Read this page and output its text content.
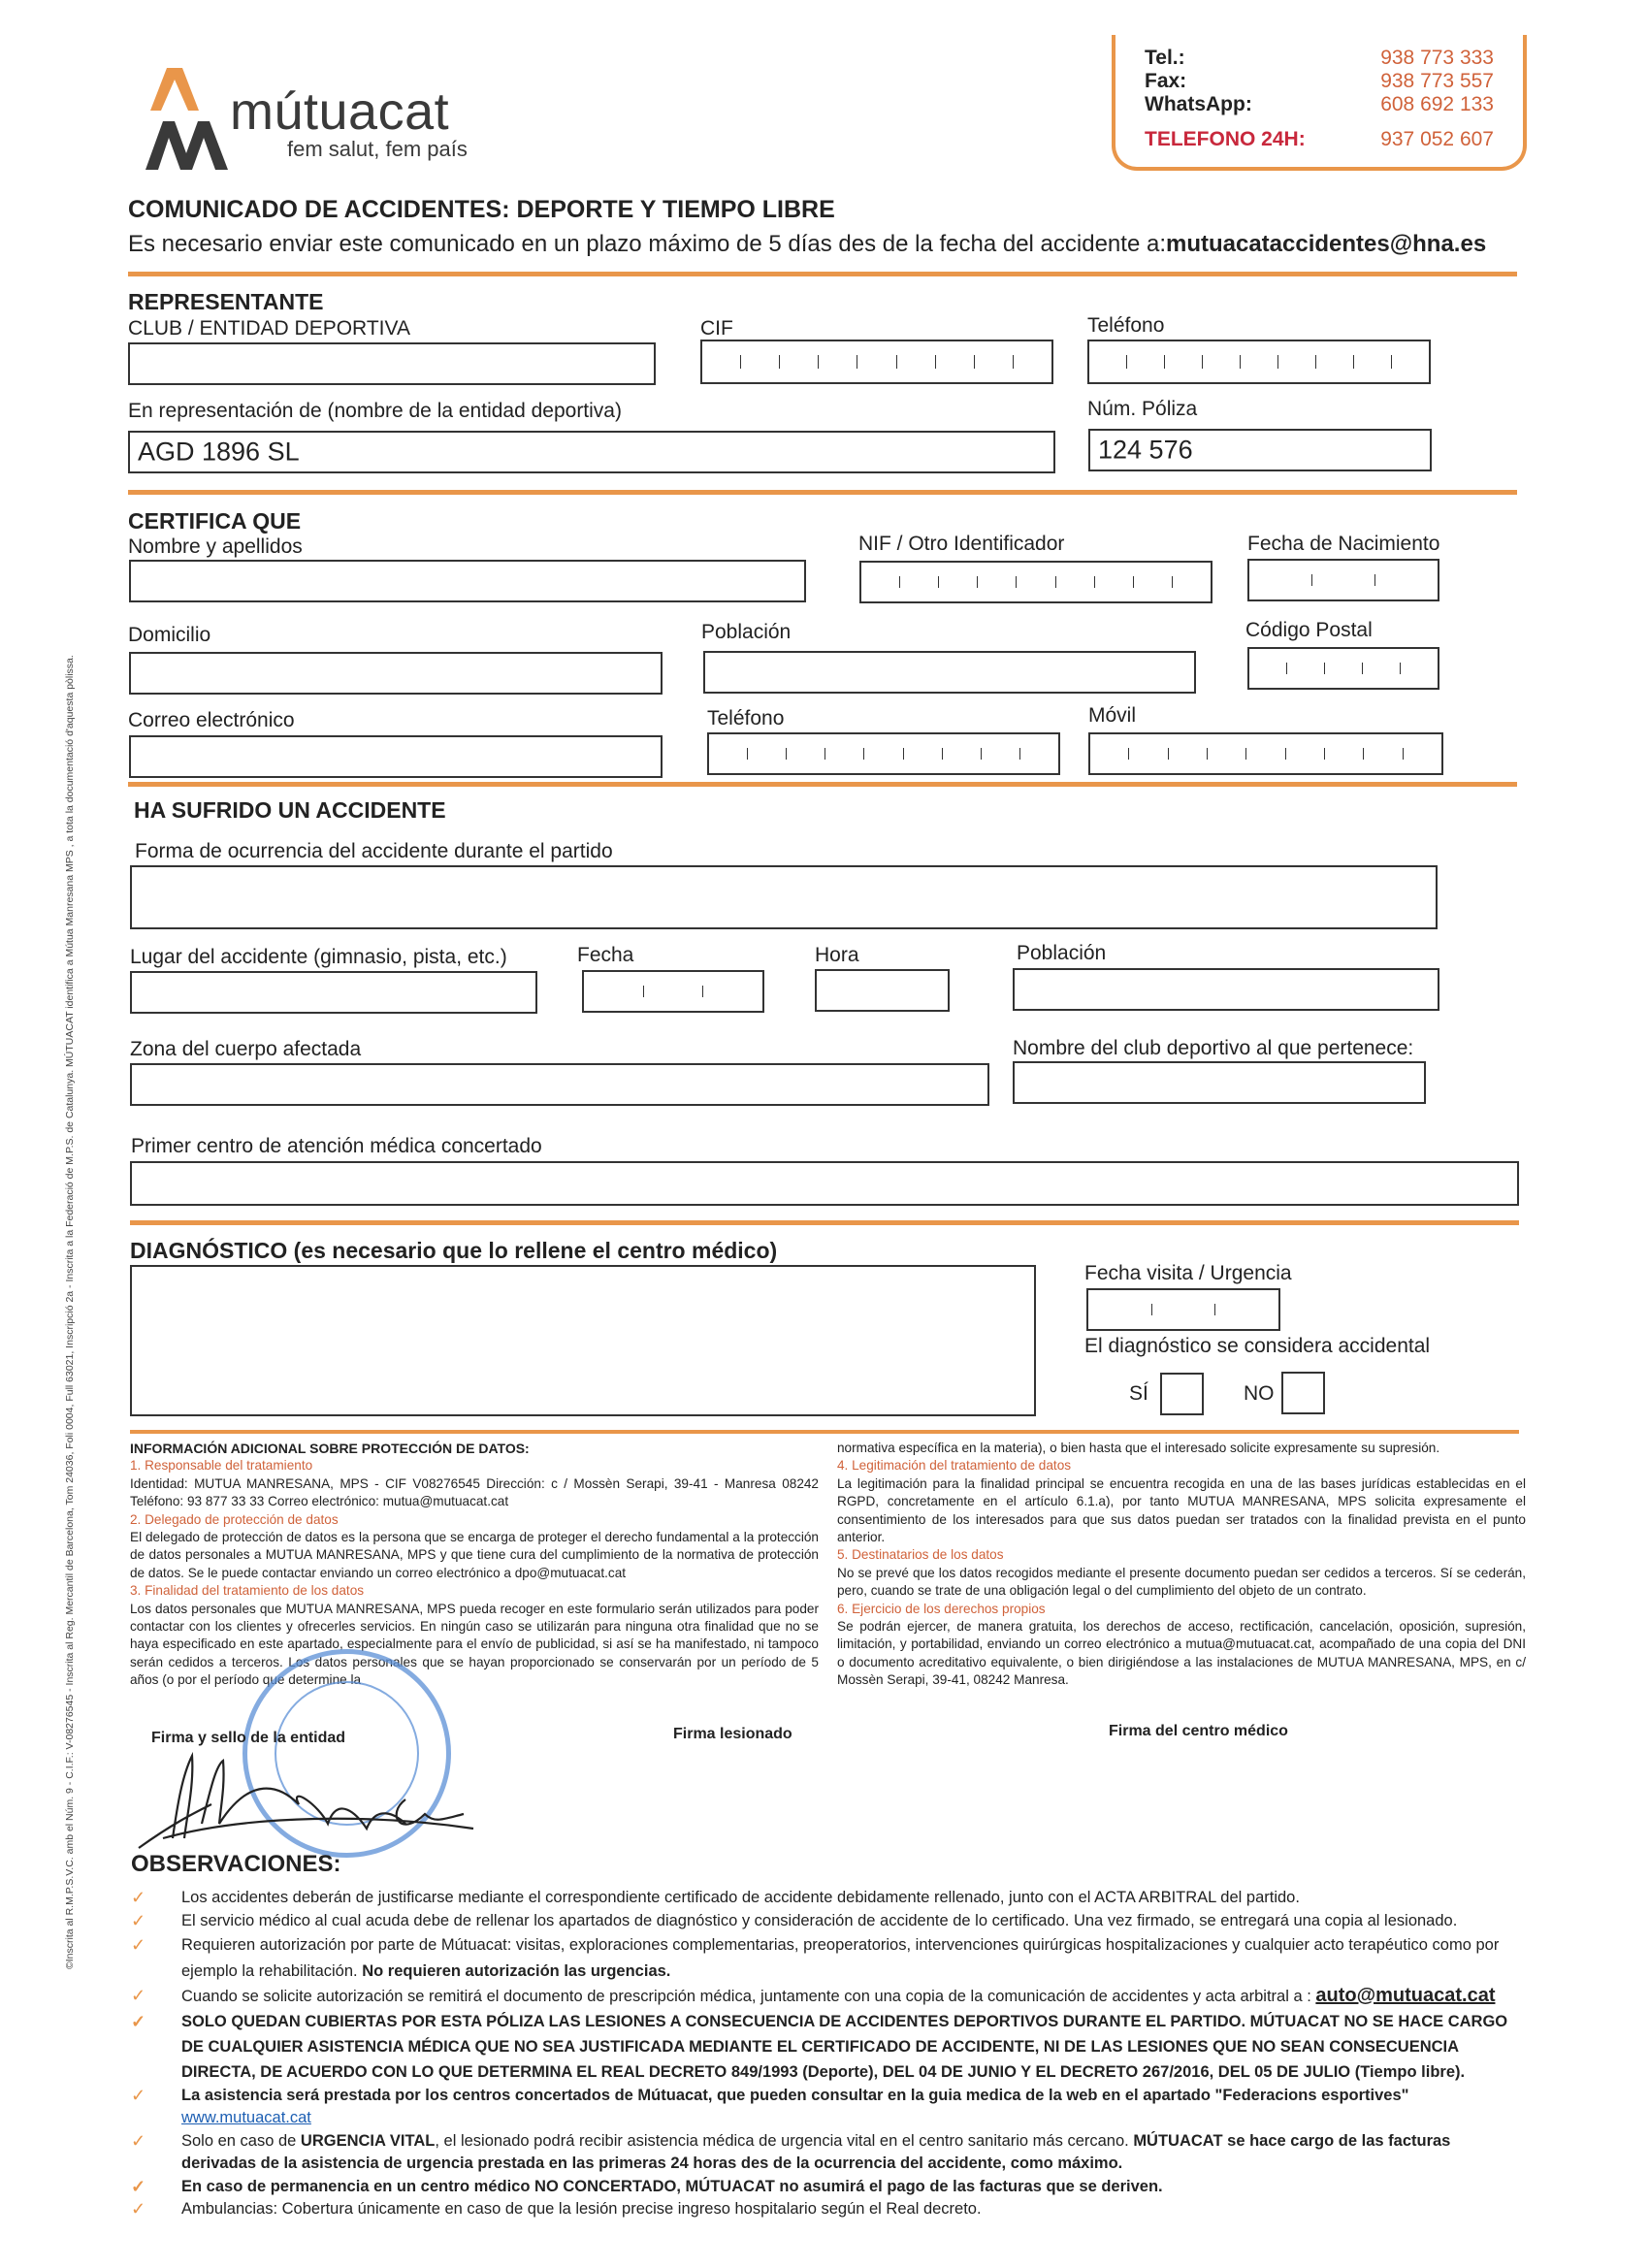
©Inscrita al R.M.P.S.V.C. amb el Núm. 9 - C.I.F.: V-08276545 - Inscrita al Reg. Mercantil de Barcelona, Tom 24036, Foli 0004, Full 63021, Inscripció 2a - Inscrita a la Federació de M.P.S. de Catalunya. MÚTUACAT identifica a Mútua Manresana MPS , a tota la documentació d'aquesta pòlissa.
mútuacat
fem salut, fem país
Tel.:	938 773 333
Fax:	938 773 557
WhatsApp:	608 692 133
TELEFONO 24H:	937 052 607
COMUNICADO DE ACCIDENTES: DEPORTE Y TIEMPO LIBRE
Es necesario enviar este comunicado en un plazo máximo de 5 días des de la fecha del accidente a:mutuacataccidentes@hna.es
REPRESENTANTE
CLUB / ENTIDAD DEPORTIVA	CIF	Teléfono
En representación de (nombre de la entidad deportiva)
AGD 1896 SL
Núm. Póliza
124 576
CERTIFICA QUE
Nombre y apellidos	NIF / Otro Identificador	Fecha de Nacimiento
Domicilio	Población	Código Postal
Correo electrónico	Teléfono	Móvil
HA SUFRIDO UN ACCIDENTE
Forma de ocurrencia del accidente durante el partido
Lugar del accidente (gimnasio, pista, etc.)	Fecha	Hora	Población
Zona del cuerpo afectada	Nombre del club deportivo al que pertenece:
Primer centro de atención médica concertado
DIAGNÓSTICO (es necesario que lo rellene el centro médico)
Fecha visita / Urgencia
El diagnóstico se considera accidental
SÍ	NO
INFORMACIÓN ADICIONAL SOBRE PROTECCIÓN DE DATOS:
1. Responsable del tratamiento
Identidad: MUTUA MANRESANA, MPS - CIF V08276545 Dirección: c / Mossèn Serapi, 39-41 - Manresa 08242 Teléfono: 93 877 33 33 Correo electrónico: mutua@mutuacat.cat
2. Delegado de protección de datos
El delegado de protección de datos es la persona que se encarga de proteger el derecho fundamental a la protección de datos personales a MUTUA MANRESANA, MPS y que tiene cura del cumplimiento de la normativa de protección de datos. Se le puede contactar enviando un correo electrónico a dpo@mutuacat.cat
3. Finalidad del tratamiento de los datos
Los datos personales que MUTUA MANRESANA, MPS pueda recoger en este formulario serán utilizados para poder contactar con los clientes y ofrecerles servicios. En ningún caso se utilizarán para ninguna otra finalidad que no se haya especificado en este apartado, especialmente para el envío de publicidad, si así se ha manifestado, ni tampoco serán cedidos a terceros. Los datos personales que se hayan proporcionado se conservarán por un período de 5 años (o por el período que determine la
normativa específica en la materia), o bien hasta que el interesado solicite expresamente su supresión.
4. Legitimación del tratamiento de datos
La legitimación para la finalidad principal se encuentra recogida en una de las bases jurídicas establecidas en el RGPD, concretamente en el artículo 6.1.a), por tanto MUTUA MANRESANA, MPS solicita expresamente el consentimiento de los interesados para que sus datos puedan ser tratados con la finalidad prevista en el punto anterior.
5. Destinatarios de los datos
No se prevé que los datos recogidos mediante el presente documento puedan ser cedidos a terceros. Sí se cederán, pero, cuando se trate de una obligación legal o del cumplimiento del objeto de un contrato.
6. Ejercicio de los derechos propios
Se podrán ejercer, de manera gratuita, los derechos de acceso, rectificación, cancelación, oposición, supresión, limitación, y portabilidad, enviando un correo electrónico a mutua@mutuacat.cat, acompañado de una copia del DNI o documento acreditativo equivalente, o bien dirigiéndose a las instalaciones de MUTUA MANRESANA, MPS, en c/ Mossèn Serapi, 39-41, 08242 Manresa.
Firma y sello de la entidad	Firma lesionado	Firma del centro médico
OBSERVACIONES:
✓ Los accidentes deberán de justificarse mediante el correspondiente certificado de accidente debidamente rellenado, junto con el ACTA ARBITRAL del partido.
✓ El servicio médico al cual acuda debe de rellenar los apartados de diagnóstico y consideración de accidente de lo certificado. Una vez firmado, se entregará una copia al lesionado.
✓ Requieren autorización por parte de Mútuacat: visitas, exploraciones complementarias, preoperatorios, intervenciones quirúrgicas hospitalizaciones y cualquier acto terapéutico como por ejemplo la rehabilitación. No requieren autorización las urgencias.
✓ Cuando se solicite autorización se remitirá el documento de prescripción médica, juntamente con una copia de la comunicación de accidentes y acta arbitral a : auto@mutuacat.cat
✓ SOLO QUEDAN CUBIERTAS POR ESTA PÓLIZA LAS LESIONES A CONSECUENCIA DE ACCIDENTES DEPORTIVOS DURANTE EL PARTIDO. MÚTUACAT NO SE HACE CARGO DE CUALQUIER ASISTENCIA MÉDICA QUE NO SEA JUSTIFICADA MEDIANTE EL CERTIFICADO DE ACCIDENTE, NI DE LAS LESIONES QUE NO SEAN CONSECUENCIA DIRECTA, DE ACUERDO CON LO QUE DETERMINA EL REAL DECRETO 849/1993 (Deporte), DEL 04 DE JUNIO Y EL DECRETO 267/2016, DEL 05 DE JULIO (Tiempo libre).
✓ La asistencia será prestada por los centros concertados de Mútuacat, que pueden consultar en la guia medica de la web en el apartado "Federacions esportives" www.mutuacat.cat
✓ Solo en caso de URGENCIA VITAL, el lesionado podrá recibir asistencia médica de urgencia vital en el centro sanitario más cercano. MÚTUACAT se hace cargo de las facturas derivadas de la asistencia de urgencia prestada en las primeras 24 horas des de la ocurrencia del accidente, como máximo.
✓ En caso de permanencia en un centro médico NO CONCERTADO, MÚTUACAT no asumirá el pago de las facturas que se deriven.
✓ Ambulancias: Cobertura únicamente en caso de que la lesión precise ingreso hospitalario según el Real decreto.
